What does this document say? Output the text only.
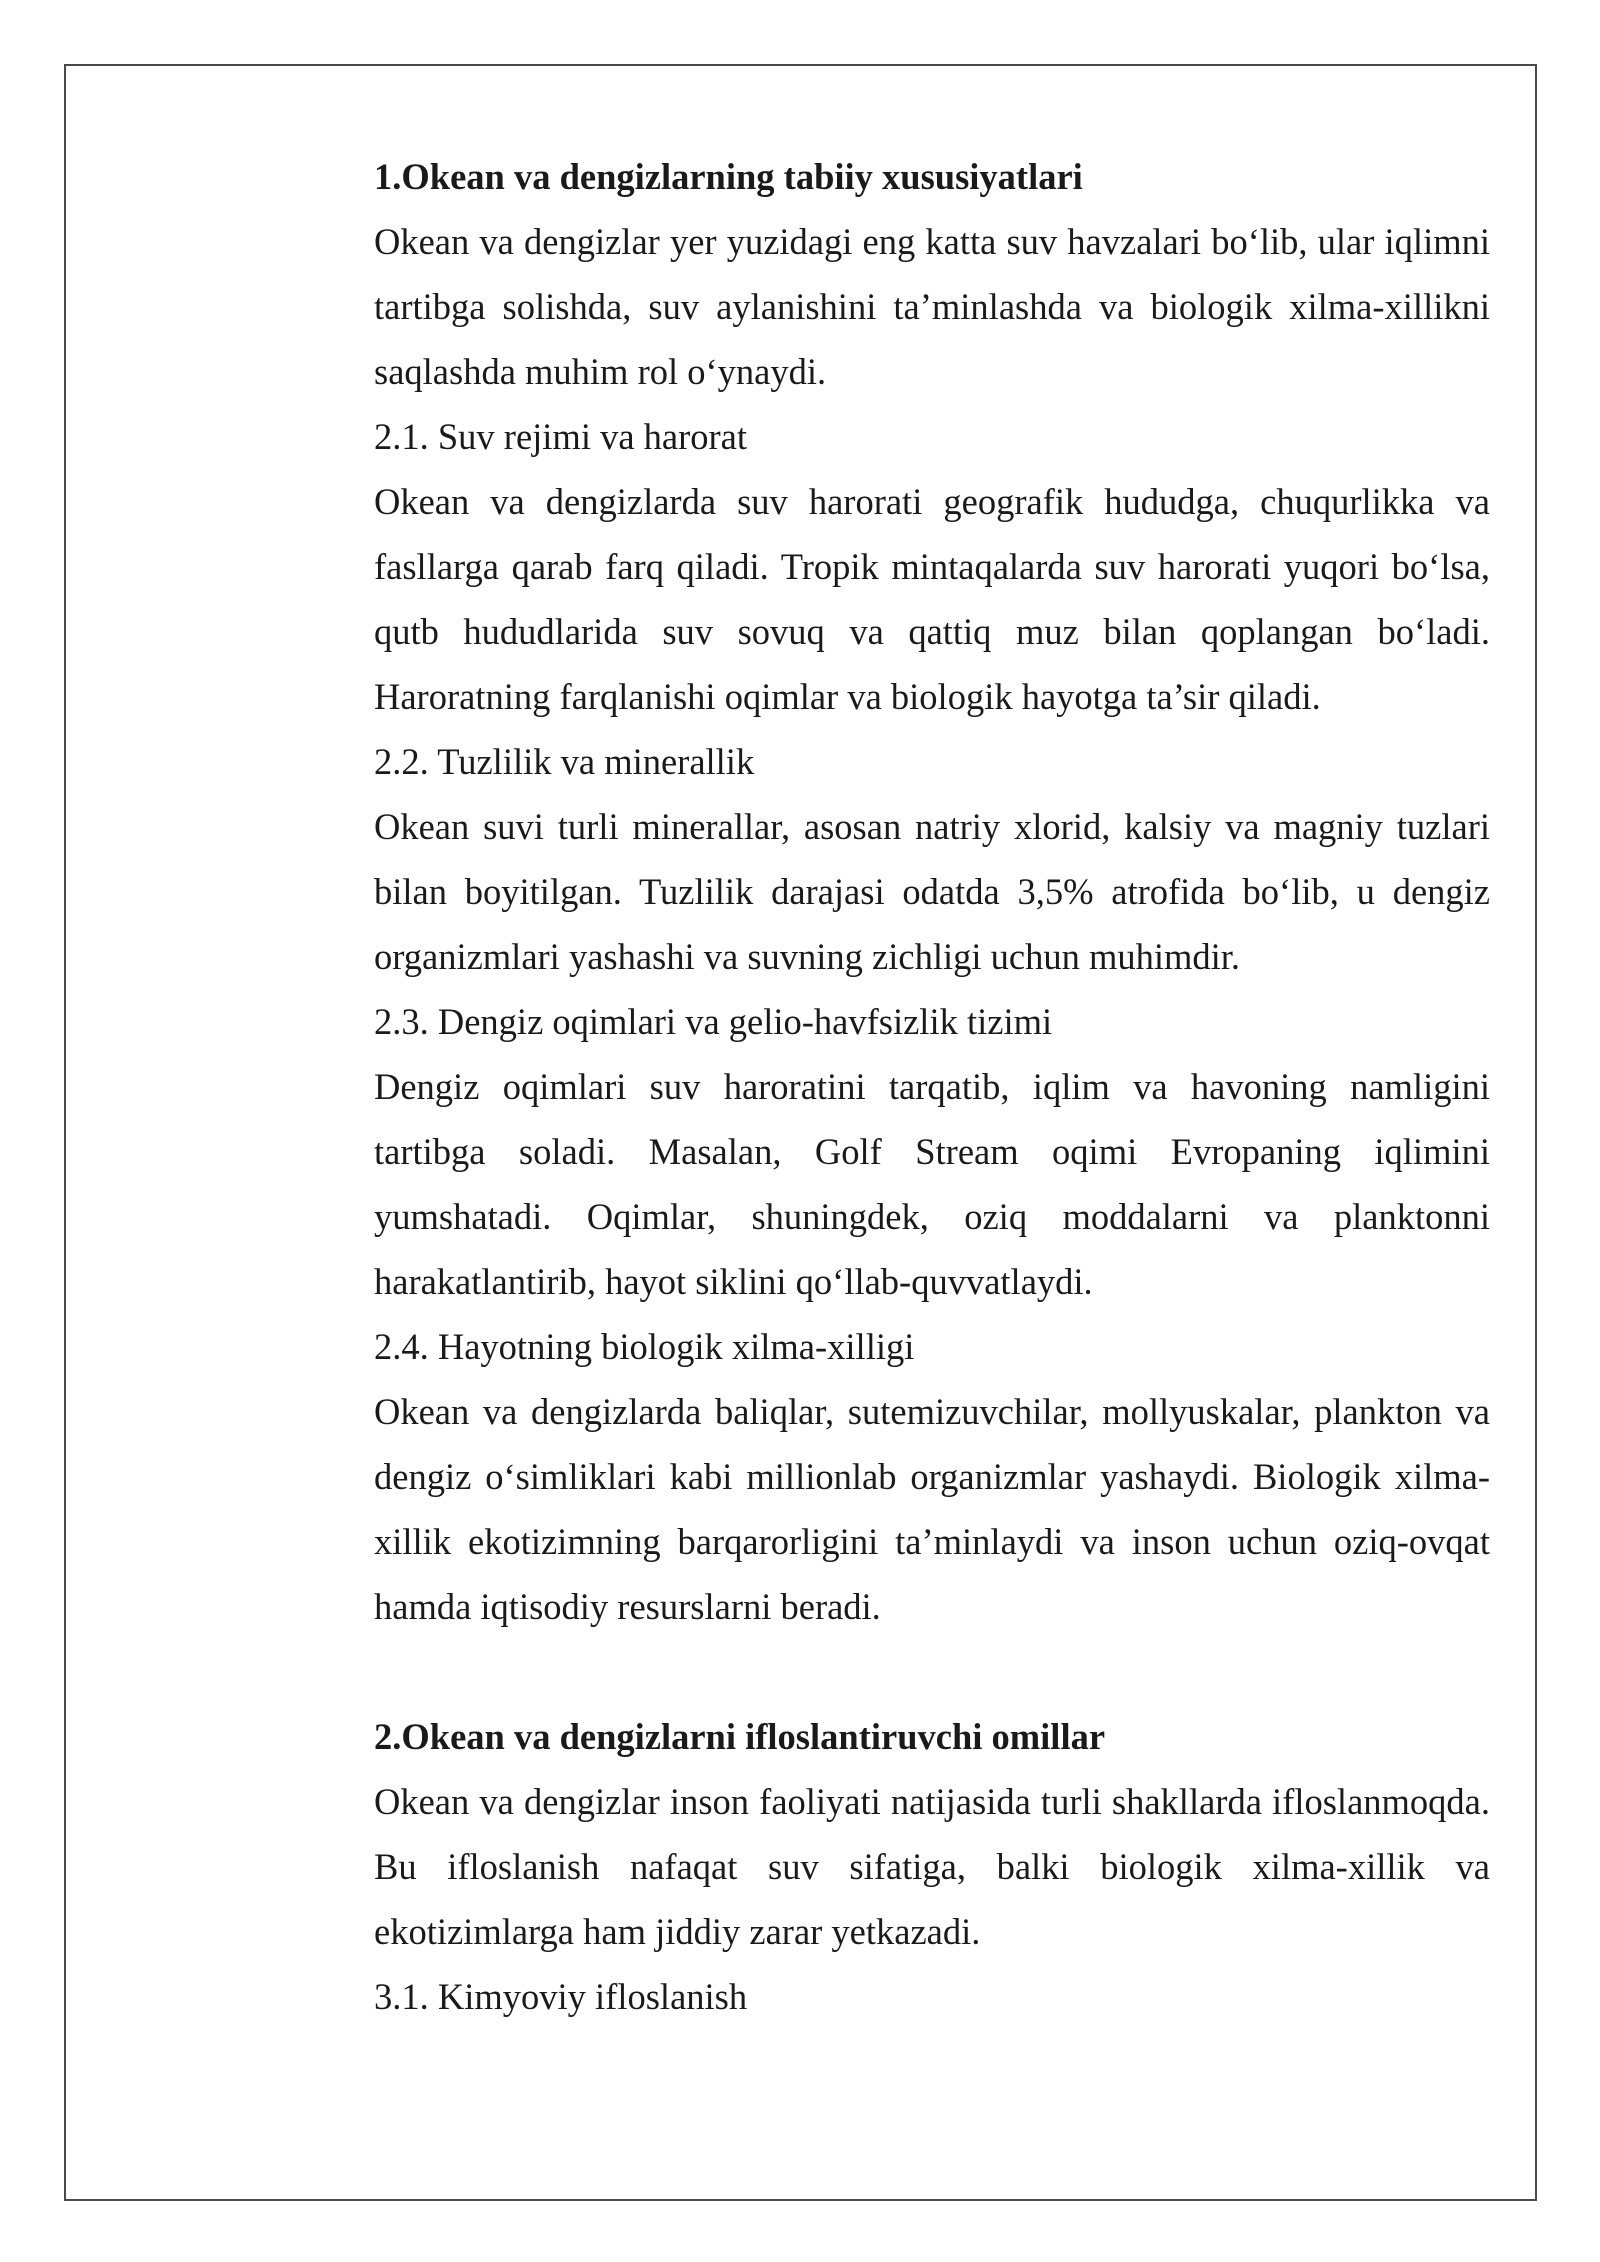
1.Okean va dengizlarning tabiiy xususiyatlari

Okean va dengizlar yer yuzidagi eng katta suv havzalari bo‘lib, ular iqlimni tartibga solishda, suv aylanishini ta’minlashda va biologik xilma-xillikni saqlashda muhim rol o‘ynaydi.

2.1. Suv rejimi va harorat

Okean va dengizlarda suv harorati geografik hududga, chuqurlikka va fasllarga qarab farq qiladi. Tropik mintaqalarda suv harorati yuqori bo‘lsa, qutb hududlarida suv sovuq va qattiq muz bilan qoplangan bo‘ladi. Haroratning farqlanishi oqimlar va biologik hayotga ta’sir qiladi.

2.2. Tuzlilik va minerallik

Okean suvi turli minerallar, asosan natriy xlorid, kalsiy va magniy tuzlari bilan boyitilgan. Tuzlilik darajasi odatda 3,5% atrofida bo‘lib, u dengiz organizmlari yashashi va suvning zichligi uchun muhimdir.

2.3. Dengiz oqimlari va gelio-havfsizlik tizimi

Dengiz oqimlari suv haroratini tarqatib, iqlim va havoning namligini tartibga soladi. Masalan, Golf Stream oqimi Evropaning iqlimini yumshatadi. Oqimlar, shuningdek, oziq moddalarni va planktonni harakatlantirib, hayot siklini qo‘llab-quvvatlaydi.

2.4. Hayotning biologik xilma-xilligi

Okean va dengizlarda baliqlar, sutemizuvchilar, mollyuskalar, plankton va dengiz o‘simliklari kabi millionlab organizmlar yashaydi. Biologik xilma-xillik ekotizimning barqarorligini ta’minlaydi va inson uchun oziq-ovqat hamda iqtisodiy resurslarni beradi.

2.Okean va dengizlarni ifloslantiruvchi omillar

Okean va dengizlar inson faoliyati natijasida turli shakllarda ifloslanmoqda. Bu ifloslanish nafaqat suv sifatiga, balki biologik xilma-xillik va ekotizimlarga ham jiddiy zarar yetkazadi.

3.1. Kimyoviy ifloslanish
